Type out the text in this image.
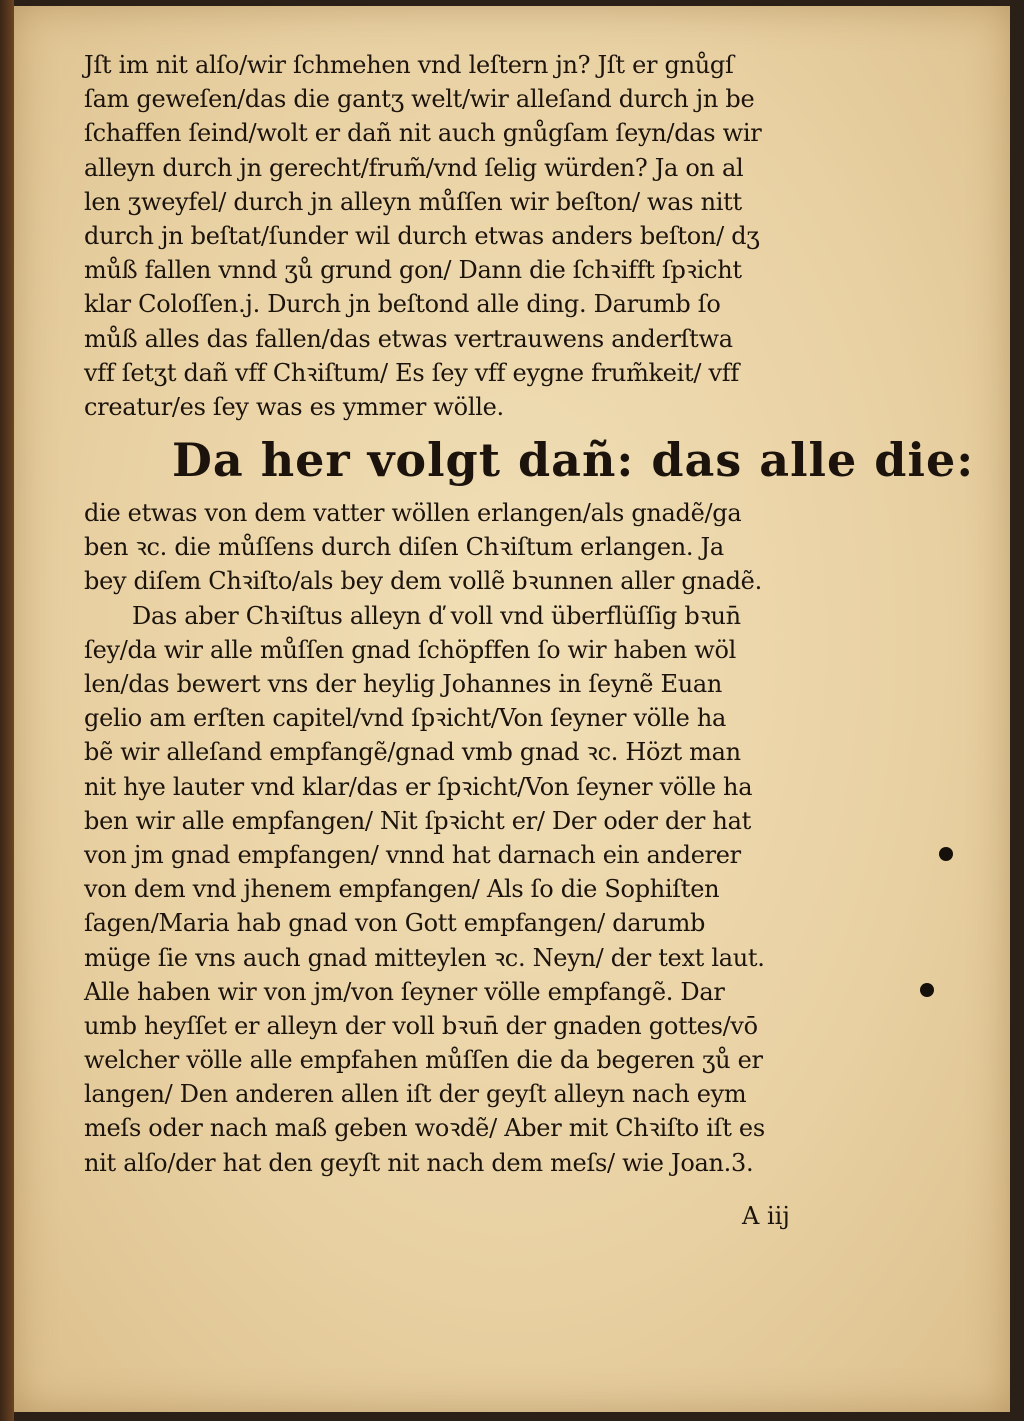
Jſt im nit alſo/wir ſchmehen vnd leſtern jn? Jſt er gnůgſ
ſam geweſen/das die gantʒ welt/wir alleſand durch jn be
ſchaffen ſeind/wolt er dañ nit auch gnůgſam ſeyn/das wir
alleyn durch jn gerecht/frum̃/vnd ſelig würden? Ja on al
len ʒweyfel/ durch jn alleyn můſſen wir beſton/ was nitt
durch jn beſtat/ſunder wil durch etwas anders beſton/ dʒ
můß fallen vnnd ʒů grund gon/ Dann die ſchꝛifft ſpꝛicht
klar Coloſſen.j. Durch jn beſtond alle ding. Darumb ſo
můß alles das fallen/das etwas vertrauwens anderſtwa
vff ſetʒt dañ vff Chꝛiſtum/ Es ſey vff eygne frum̃keit/ vff
creatur/es ſey was es ymmer wölle.
Da her volgt dañ: das alle die:
die etwas von dem vatter wöllen erlangen/als gnadẽ/ga
ben ꝛc. die můſſens durch diſen Chꝛiſtum erlangen. Ja
bey diſem Chꝛiſto/als bey dem vollẽ bꝛunnen aller gnadẽ.
Das aber Chꝛiſtus alleyn ď voll vnd überflüſſig bꝛun̄
ſey/da wir alle můſſen gnad ſchöpffen ſo wir haben wöl
len/das bewert vns der heylig Johannes in ſeynẽ Euan
gelio am erſten capitel/vnd ſpꝛicht/Von ſeyner völle ha
bẽ wir alleſand empfangẽ/gnad vmb gnad ꝛc. Hözt man
nit hye lauter vnd klar/das er ſpꝛicht/Von ſeyner völle ha
ben wir alle empfangen/ Nit ſpꝛicht er/ Der oder der hat
von jm gnad empfangen/ vnnd hat darnach ein anderer
von dem vnd jhenem empfangen/ Als ſo die Sophiſten
ſagen/Maria hab gnad von Gott empfangen/ darumb
müge ſie vns auch gnad mitteylen ꝛc. Neyn/ der text laut.
Alle haben wir von jm/von ſeyner völle empfangẽ. Dar
umb heyſſet er alleyn der voll bꝛun̄ der gnaden gottes/vō
welcher völle alle empfahen můſſen die da begeren ʒů er
langen/ Den anderen allen iſt der geyſt alleyn nach eym
meſs oder nach maß geben woꝛdẽ/ Aber mit Chꝛiſto iſt es
nit alſo/der hat den geyſt nit nach dem meſs/ wie Joan.3.
A iij
